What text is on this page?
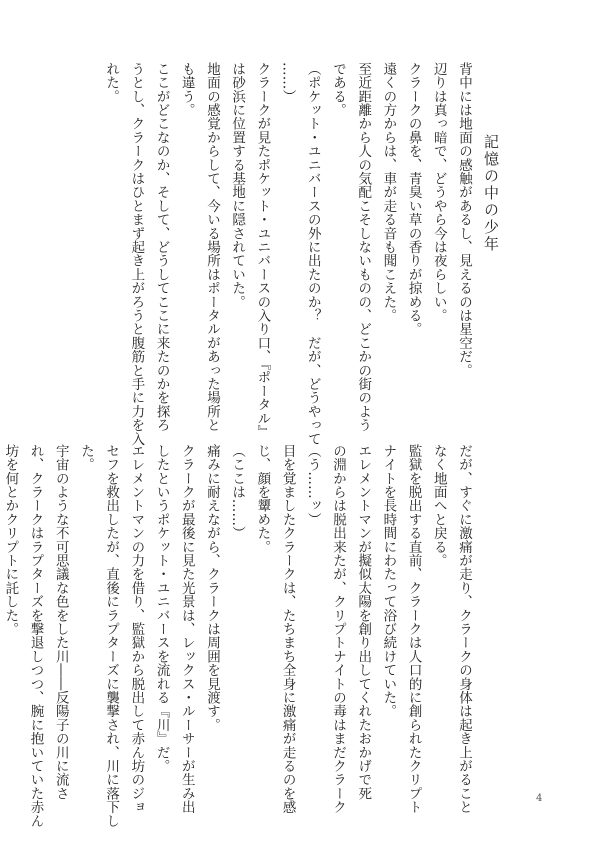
記憶の中の少年

背中には地面の感触があるし、見えるのは星空だ。

辺りは真っ暗で、どうやら今は夜らしい。

クラークの鼻を、青臭い草の香りが掠める。

遠くの方からは、車が走る音も聞こえた。

至近距離から人の気配こそしないものの、どこかの街のよう

である。

（ポケット・ユニバースの外に出たのか？　だが、どうやって

……）

クラークが見たポケット・ユニバースの入り口、『ポータル』

は砂浜に位置する基地に隠されていた。

地面の感覚からして、今いる場所はポータルがあった場所と

も違う。

ここがどこなのか、そして、どうしてここに来たのかを探ろ

うとし、クラークはひとまず起き上がろうと腹筋と手に力を入

れた。

だが、すぐに激痛が走り、クラークの身体は起き上がること

なく地面へと戻る。

監獄を脱出する直前、クラークは人口的に創られたクリプト

ナイトを長時間にわたって浴び続けていた。

エレメントマンが擬似太陽を創り出してくれたおかげで死

の淵からは脱出来たが、クリプトナイトの毒はまだクラーク

（う……ッ）

目を覚ましたクラークは、たちまち全身に激痛が走るのを感

じ、顔を顰めた。

（ここは……）

痛みに耐えながら、クラークは周囲を見渡す。

クラークが最後に見た光景は、レックス・ルーサーが生み出

したというポケット・ユニバースを流れる『川』だ。

エレメントマンの力を借り、監獄から脱出して赤ん坊のジョ

セフを救出したが、直後にラプターズに襲撃され、川に落下し

た。

宇宙のような不可思議な色をした川――反陽子の川に流さ

れ、クラークはラプターズを撃退しつつ、腕に抱いていた赤ん

坊を何とかクリプトに託した。

4
